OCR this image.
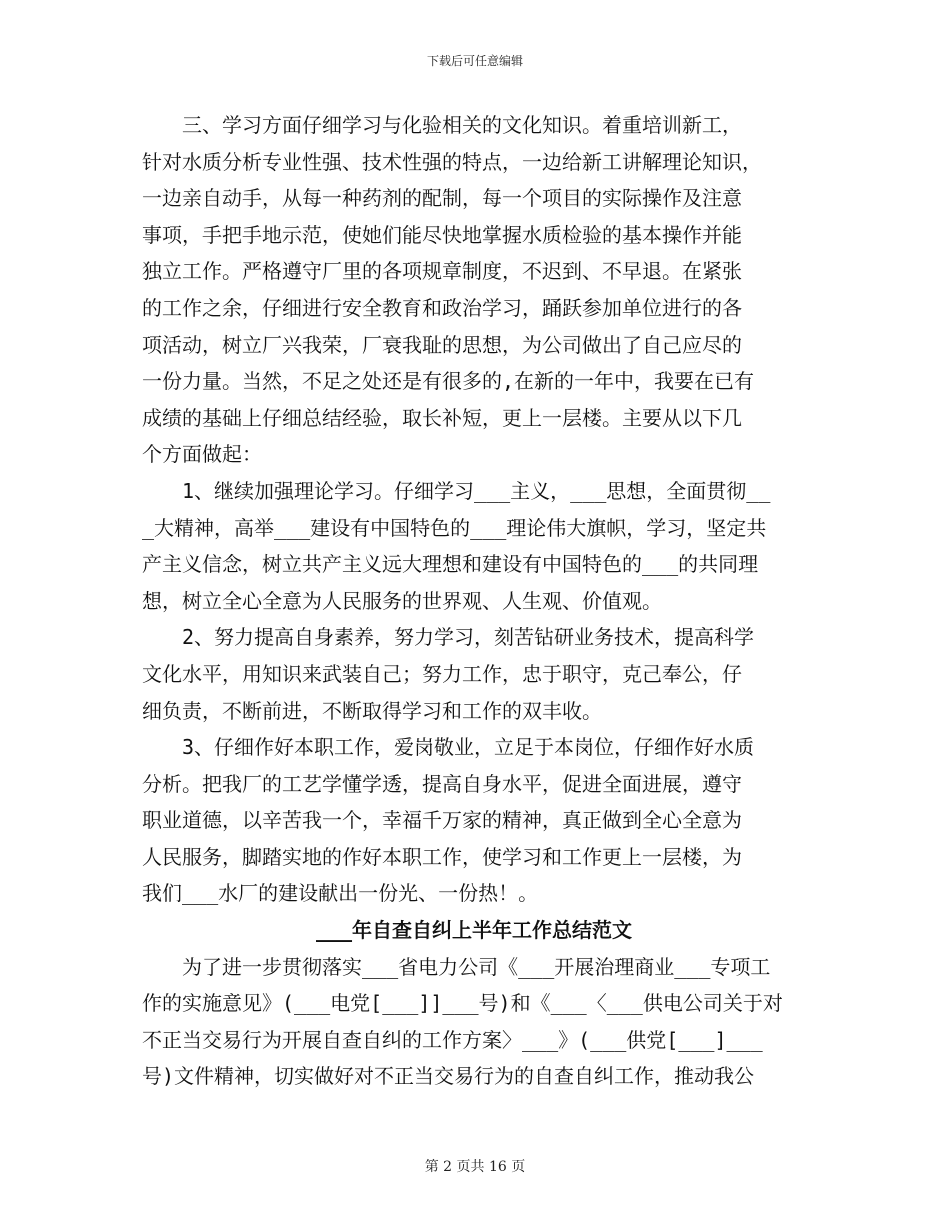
下载后可任意编辑
三、学习方面仔细学习与化验相关的文化知识。着重培训新工，
针对水质分析专业性强、技术性强的特点，一边给新工讲解理论知识，
一边亲自动手，从每一种药剂的配制，每一个项目的实际操作及注意
事项，手把手地示范，使她们能尽快地掌握水质检验的基本操作并能
独立工作。严格遵守厂里的各项规章制度，不迟到、不早退。在紧张
的工作之余，仔细进行安全教育和政治学习，踊跃参加单位进行的各
项活动，树立厂兴我荣，厂衰我耻的思想，为公司做出了自己应尽的
一份力量。当然，不足之处还是有很多的,在新的一年中，我要在已有
成绩的基础上仔细总结经验，取长补短，更上一层楼。主要从以下几
个方面做起：
1、继续加强理论学习。仔细学习___主义，___思想，全面贯彻__
_大精神，高举___建设有中国特色的___理论伟大旗帜，学习，坚定共
产主义信念，树立共产主义远大理想和建设有中国特色的___的共同理
想，树立全心全意为人民服务的世界观、人生观、价值观。
2、努力提高自身素养，努力学习，刻苦钻研业务技术，提高科学
文化水平，用知识来武装自己；努力工作，忠于职守，克己奉公，仔
细负责，不断前进，不断取得学习和工作的双丰收。
3、仔细作好本职工作，爱岗敬业，立足于本岗位，仔细作好水质
分析。把我厂的工艺学懂学透，提高自身水平，促进全面进展，遵守
职业道德，以辛苦我一个，幸福千万家的精神，真正做到全心全意为
人民服务，脚踏实地的作好本职工作，使学习和工作更上一层楼，为
我们___水厂的建设献出一份光、一份热！。
___年自查自纠上半年工作总结范文
为了进一步贯彻落实___省电力公司《___开展治理商业___专项工
作的实施意见》(___电党[___]]___号)和《___〈___供电公司关于对
不正当交易行为开展自查自纠的工作方案〉___》(___供党[___]___
号)文件精神，切实做好对不正当交易行为的自查自纠工作，推动我公
第 2 页共 16 页
